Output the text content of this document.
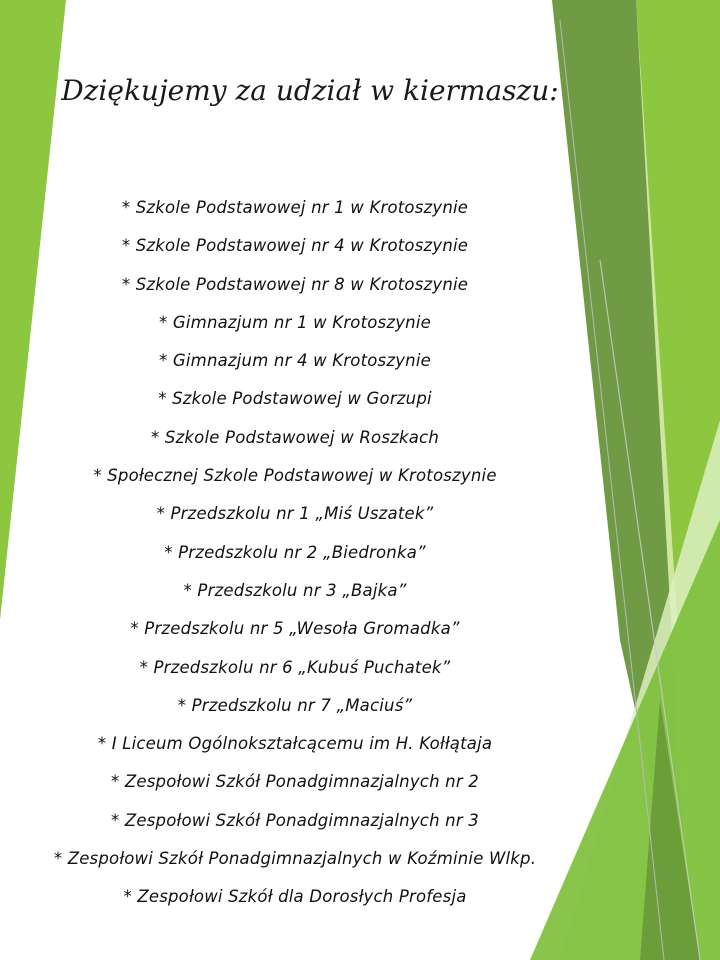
Dziękujemy za udział w kiermaszu:
* Szkole Podstawowej nr 1 w Krotoszynie
* Szkole Podstawowej nr 4 w Krotoszynie
* Szkole Podstawowej nr 8 w Krotoszynie
* Gimnazjum nr 1 w Krotoszynie
* Gimnazjum nr 4 w Krotoszynie
* Szkole Podstawowej w Gorzupi
* Szkole Podstawowej w Roszkach
* Społecznej Szkole Podstawowej w Krotoszynie
* Przedszkolu nr 1 „Miś Uszatek”
* Przedszkolu nr 2 „Biedronka”
* Przedszkolu nr 3 „Bajka”
* Przedszkolu nr 5 „Wesoła Gromadka”
* Przedszkolu nr 6 „Kubuś Puchatek”
* Przedszkolu nr 7 „Maciuś”
* I Liceum Ogólnokształcącemu im H. Kołłątaja
* Zespołowi Szkół Ponadgimnazjalnych nr 2
* Zespołowi Szkół Ponadgimnazjalnych nr 3
* Zespołowi Szkół Ponadgimnazjalnych w Koźminie Wlkp.
* Zespołowi Szkół dla Dorosłych Profesja
